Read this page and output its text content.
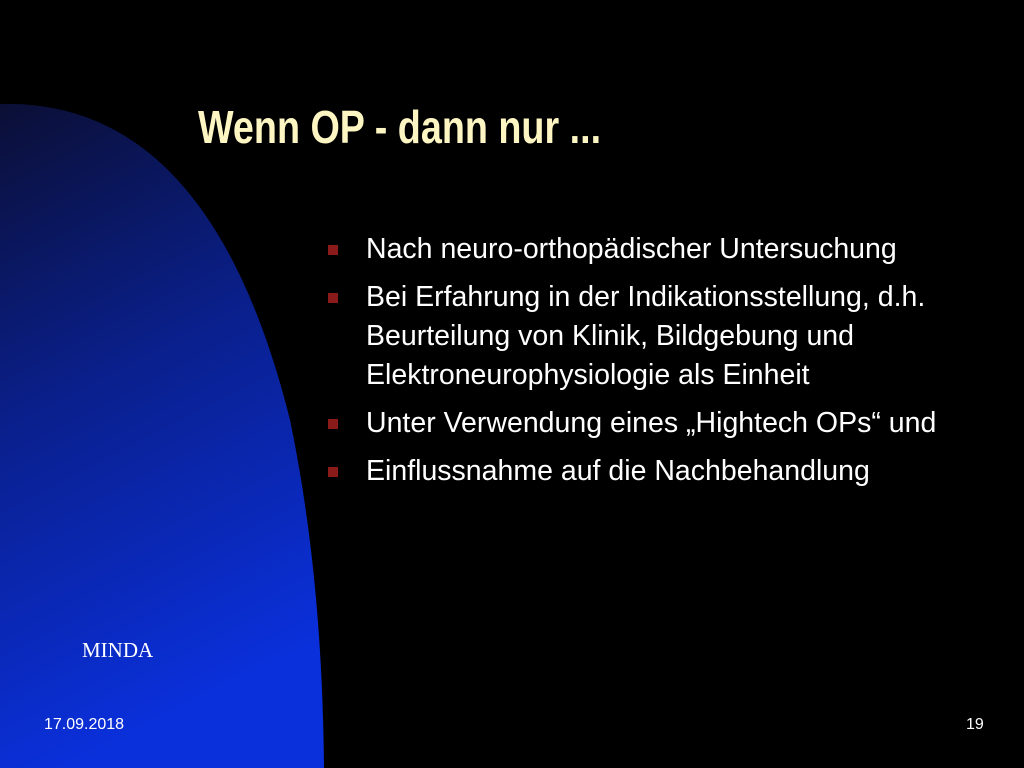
Wenn OP - dann nur ...
Nach neuro-orthopädischer Untersuchung
Bei Erfahrung in der Indikationsstellung, d.h. Beurteilung von Klinik, Bildgebung und Elektroneurophysiologie als Einheit
Unter Verwendung eines „Hightech OPs“ und
Einflussnahme auf die Nachbehandlung
MINDA
17.09.2018	19
